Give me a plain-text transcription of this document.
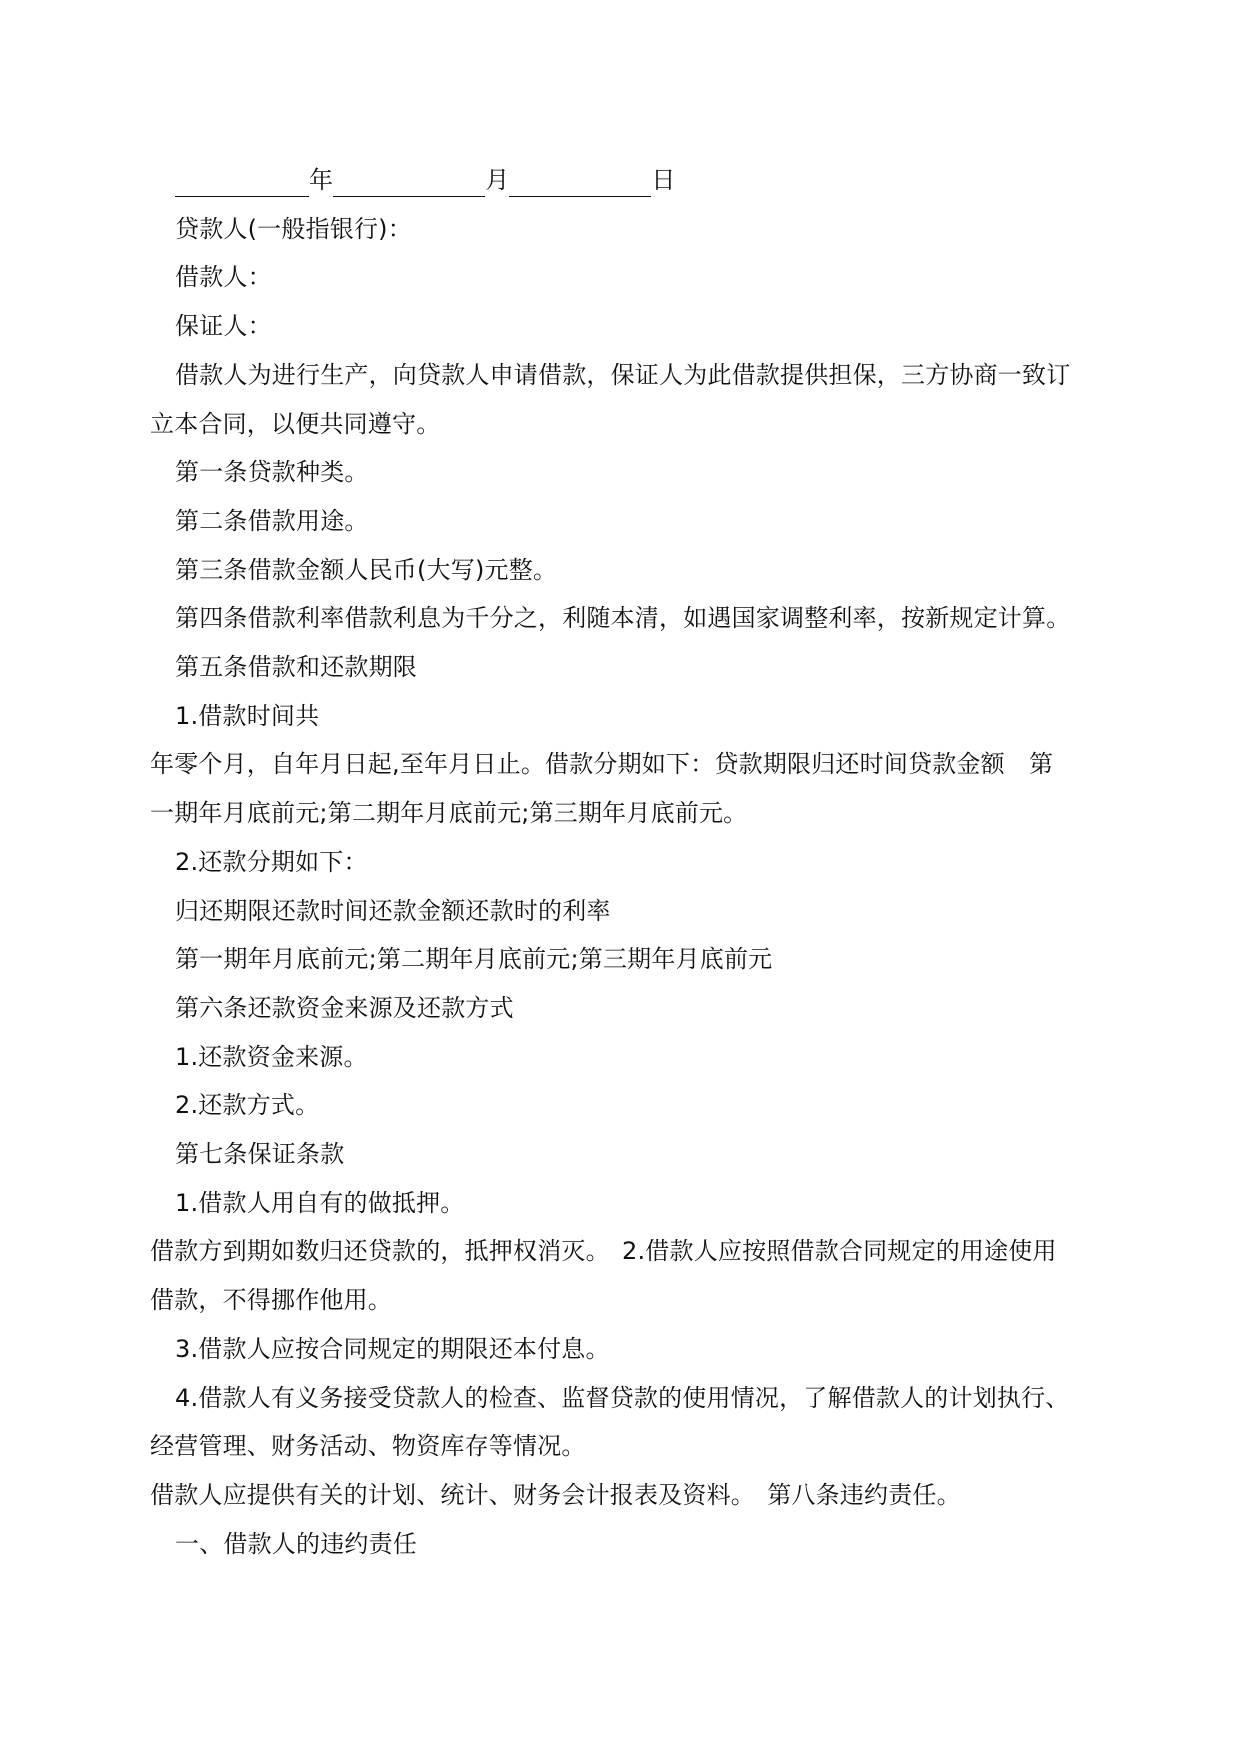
年	月	日
贷款人(一般指银行)：
借款人：
保证人：
借款人为进行生产，向贷款人申请借款，保证人为此借款提供担保，三方协商一致订
立本合同，以便共同遵守。
第一条贷款种类。
第二条借款用途。
第三条借款金额人民币(大写)元整。
第四条借款利率借款利息为千分之，利随本清，如遇国家调整利率，按新规定计算。
第五条借款和还款期限
1.借款时间共
年零个月，自年月日起,至年月日止。借款分期如下：贷款期限归还时间贷款金额　第
一期年月底前元;第二期年月底前元;第三期年月底前元。
2.还款分期如下：
归还期限还款时间还款金额还款时的利率
第一期年月底前元;第二期年月底前元;第三期年月底前元
第六条还款资金来源及还款方式
1.还款资金来源。
2.还款方式。
第七条保证条款
1.借款人用自有的做抵押。
借款方到期如数归还贷款的，抵押权消灭。　2.借款人应按照借款合同规定的用途使用
借款，不得挪作他用。
3.借款人应按合同规定的期限还本付息。
4.借款人有义务接受贷款人的检查、监督贷款的使用情况，了解借款人的计划执行、
经营管理、财务活动、物资库存等情况。
借款人应提供有关的计划、统计、财务会计报表及资料。　第八条违约责任。
一、借款人的违约责任
